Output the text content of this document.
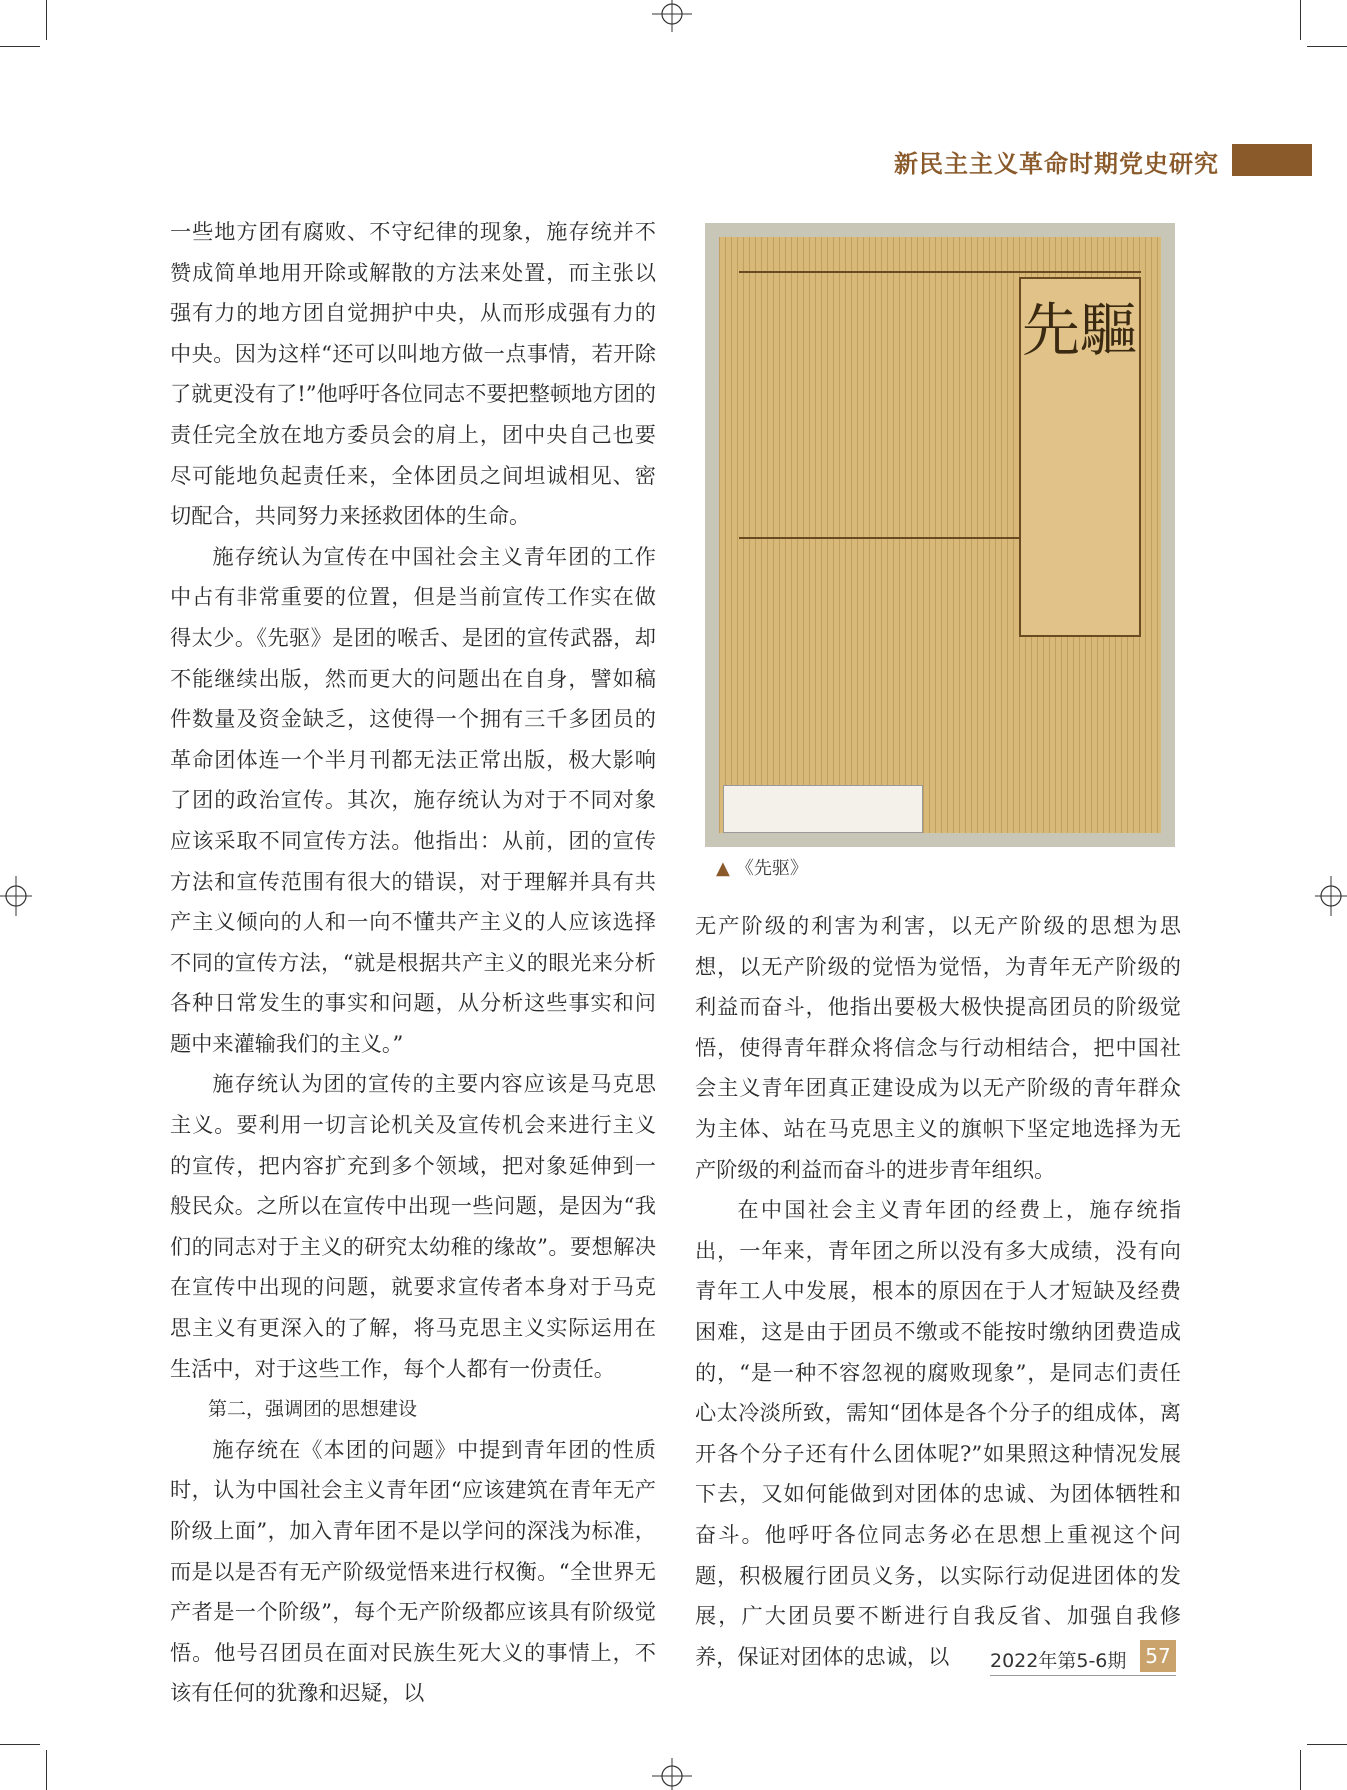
新民主主义革命时期党史研究

一些地方团有腐败、不守纪律的现象，施存统并不赞成简单地用开除或解散的方法来处置，而主张以强有力的地方团自觉拥护中央，从而形成强有力的中央。因为这样“还可以叫地方做一点事情，若开除了就更没有了!”他呼吁各位同志不要把整顿地方团的责任完全放在地方委员会的肩上，团中央自己也要尽可能地负起责任来，全体团员之间坦诚相见、密切配合，共同努力来拯救团体的生命。

施存统认为宣传在中国社会主义青年团的工作中占有非常重要的位置，但是当前宣传工作实在做得太少。《先驱》是团的喉舌、是团的宣传武器，却不能继续出版，然而更大的问题出在自身，譬如稿件数量及资金缺乏，这使得一个拥有三千多团员的革命团体连一个半月刊都无法正常出版，极大影响了团的政治宣传。其次，施存统认为对于不同对象应该采取不同宣传方法。他指出：从前，团的宣传方法和宣传范围有很大的错误，对于理解并具有共产主义倾向的人和一向不懂共产主义的人应该选择不同的宣传方法，“就是根据共产主义的眼光来分析各种日常发生的事实和问题，从分析这些事实和问题中来灌输我们的主义。”

施存统认为团的宣传的主要内容应该是马克思主义。要利用一切言论机关及宣传机会来进行主义的宣传，把内容扩充到多个领域，把对象延伸到一般民众。之所以在宣传中出现一些问题，是因为“我们的同志对于主义的研究太幼稚的缘故”。要想解决在宣传中出现的问题，就要求宣传者本身对于马克思主义有更深入的了解，将马克思主义实际运用在生活中，对于这些工作，每个人都有一份责任。

第二，强调团的思想建设

施存统在《本团的问题》中提到青年团的性质时，认为中国社会主义青年团“应该建筑在青年无产阶级上面”，加入青年团不是以学问的深浅为标准，而是以是否有无产阶级觉悟来进行权衡。“全世界无产者是一个阶级”，每个无产阶级都应该具有阶级觉悟。他号召团员在面对民族生死大义的事情上，不该有任何的犹豫和迟疑，以

无产阶级的利害为利害，以无产阶级的思想为思想，以无产阶级的觉悟为觉悟，为青年无产阶级的利益而奋斗，他指出要极大极快提高团员的阶级觉悟，使得青年群众将信念与行动相结合，把中国社会主义青年团真正建设成为以无产阶级的青年群众为主体、站在马克思主义的旗帜下坚定地选择为无产阶级的利益而奋斗的进步青年组织。

在中国社会主义青年团的经费上，施存统指出，一年来，青年团之所以没有多大成绩，没有向青年工人中发展，根本的原因在于人才短缺及经费困难，这是由于团员不缴或不能按时缴纳团费造成的，“是一种不容忽视的腐败现象”，是同志们责任心太冷淡所致，需知“团体是各个分子的组成体，离开各个分子还有什么团体呢?”如果照这种情况发展下去，又如何能做到对团体的忠诚、为团体牺牲和奋斗。他呼吁各位同志务必在思想上重视这个问题，积极履行团员义务，以实际行动促进团体的发展，广大团员要不断进行自我反省、加强自我修养，保证对团体的忠诚，以

先驅
▲ 《先驱》
2022年第5-6期 57
